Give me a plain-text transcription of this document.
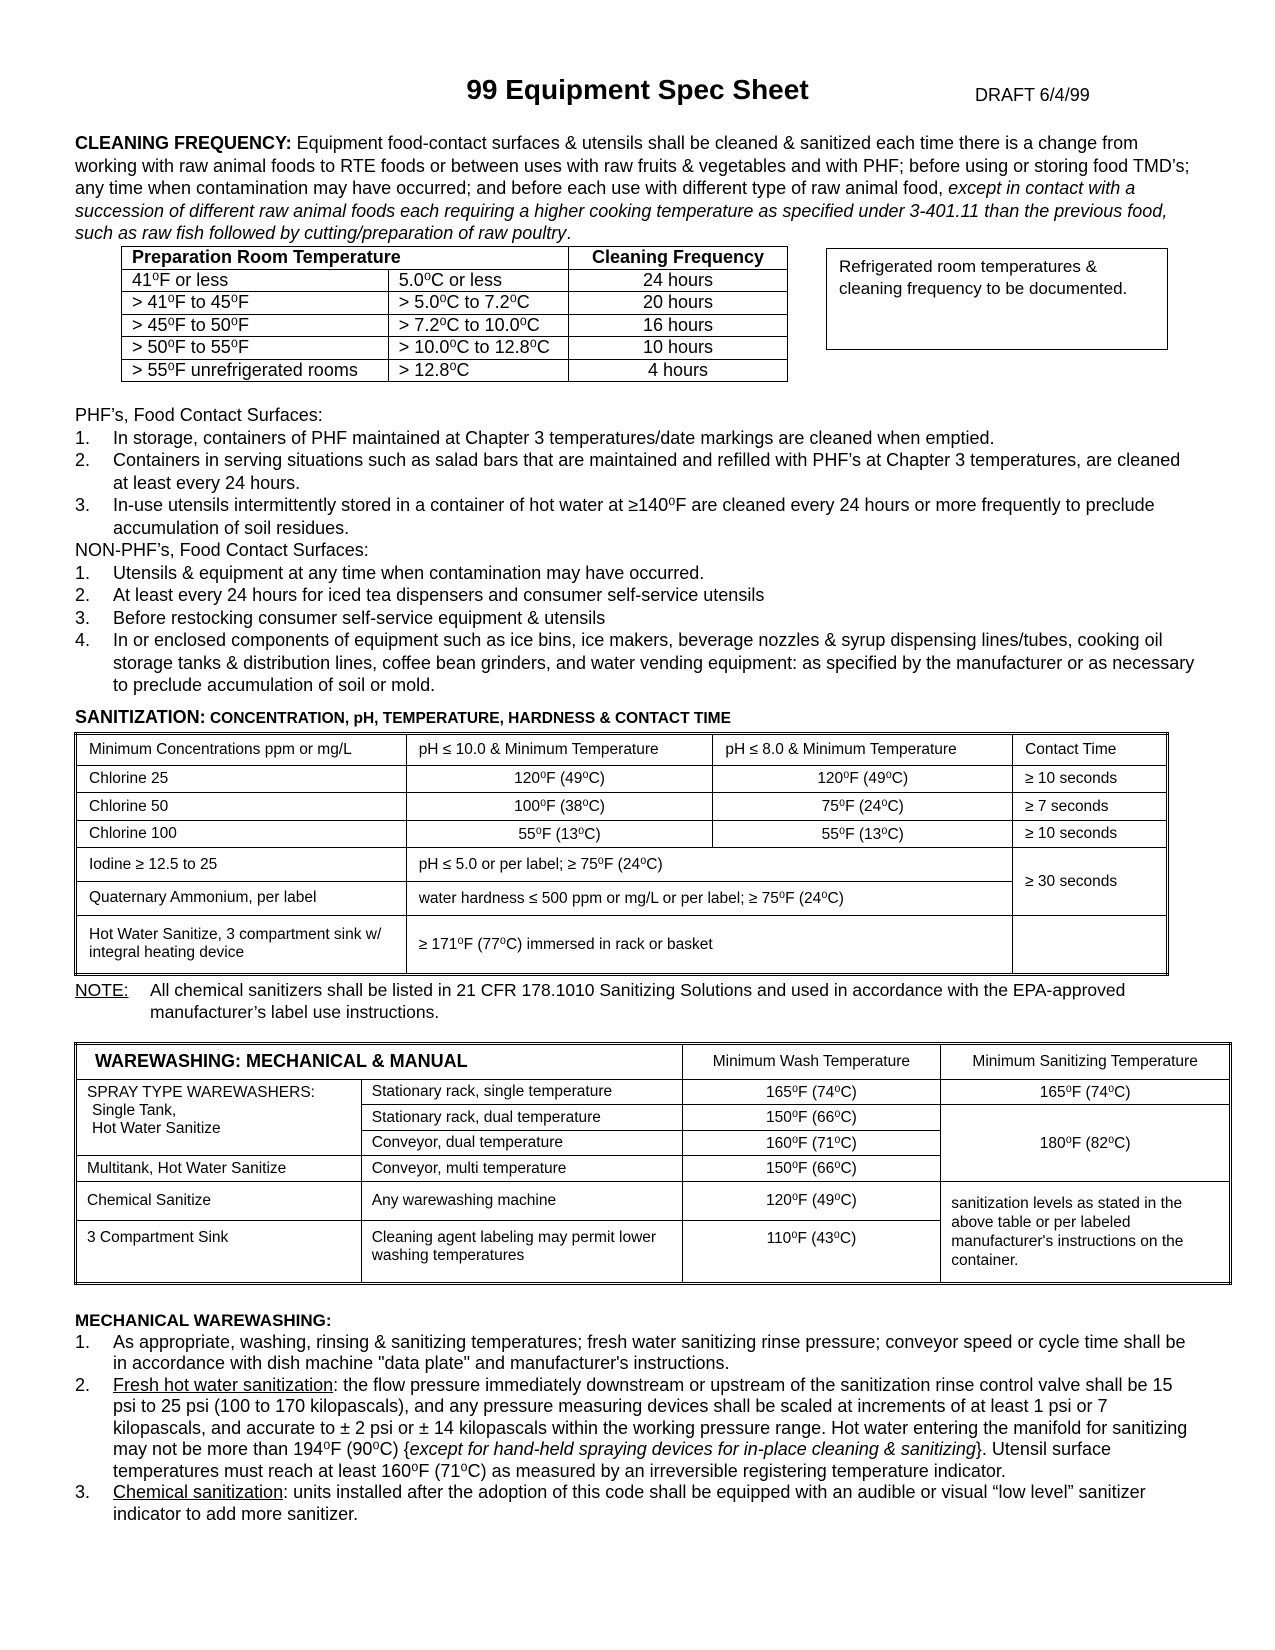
99 Equipment Spec Sheet	DRAFT 6/4/99
CLEANING FREQUENCY: Equipment food-contact surfaces & utensils shall be cleaned & sanitized each time there is a change from working with raw animal foods to RTE foods or between uses with raw fruits & vegetables and with PHF; before using or storing food TMD’s; any time when contamination may have occurred; and before each use with different type of raw animal food, except in contact with a succession of different raw animal foods each requiring a higher cooking temperature as specified under 3-401.11 than the previous food, such as raw fish followed by cutting/preparation of raw poultry.
Preparation Room Temperature		Cleaning Frequency
41⁰F or less	5.0⁰C or less	24 hours
> 41⁰F to 45⁰F	> 5.0⁰C to 7.2⁰C	20 hours
> 45⁰F to 50⁰F	> 7.2⁰C to 10.0⁰C	16 hours
> 50⁰F to 55⁰F	> 10.0⁰C to 12.8⁰C	10 hours
> 55⁰F unrefrigerated rooms	> 12.8⁰C	4 hours
Refrigerated room temperatures & cleaning frequency to be documented.
PHF’s, Food Contact Surfaces:
1. In storage, containers of PHF maintained at Chapter 3 temperatures/date markings are cleaned when emptied.
2. Containers in serving situations such as salad bars that are maintained and refilled with PHF’s at Chapter 3 temperatures, are cleaned at least every 24 hours.
3. In-use utensils intermittently stored in a container of hot water at ≥140⁰F are cleaned every 24 hours or more frequently to preclude accumulation of soil residues.
NON-PHF’s, Food Contact Surfaces:
1. Utensils & equipment at any time when contamination may have occurred.
2. At least every 24 hours for iced tea dispensers and consumer self-service utensils
3. Before restocking consumer self-service equipment & utensils
4. In or enclosed components of equipment such as ice bins, ice makers, beverage nozzles & syrup dispensing lines/tubes, cooking oil storage tanks & distribution lines, coffee bean grinders, and water vending equipment: as specified by the manufacturer or as necessary to preclude accumulation of soil or mold.
SANITIZATION: CONCENTRATION, pH, TEMPERATURE, HARDNESS & CONTACT TIME
Minimum Concentrations ppm or mg/L	pH ≤ 10.0 & Minimum Temperature	pH ≤ 8.0 & Minimum Temperature	Contact Time
Chlorine 25	120⁰F (49⁰C)	120⁰F (49⁰C)	≥ 10 seconds
Chlorine 50	100⁰F (38⁰C)	75⁰F (24⁰C)	≥ 7 seconds
Chlorine 100	55⁰F (13⁰C)	55⁰F (13⁰C)	≥ 10 seconds
Iodine ≥ 12.5 to 25	pH ≤ 5.0 or per label; ≥ 75⁰F (24⁰C)		≥ 30 seconds
Quaternary Ammonium, per label	water hardness ≤ 500 ppm or mg/L or per label; ≥ 75⁰F (24⁰C)		
Hot Water Sanitize, 3 compartment sink w/ integral heating device	≥ 171⁰F (77⁰C) immersed in rack or basket		
NOTE:	All chemical sanitizers shall be listed in 21 CFR 178.1010 Sanitizing Solutions and used in accordance with the EPA-approved manufacturer’s label use instructions.
WAREWASHING: MECHANICAL & MANUAL		Minimum Wash Temperature	Minimum Sanitizing Temperature

SPRAY TYPE WAREWASHERS:
Single Tank,
Hot Water Sanitize	Stationary rack, single temperature	165⁰F (74⁰C)	165⁰F (74⁰C)
	Stationary rack, dual temperature	150⁰F (66⁰C)	180⁰F (82⁰C)
	Conveyor, dual temperature	160⁰F (71⁰C)	
Multitank, Hot Water Sanitize	Conveyor, multi temperature	150⁰F (66⁰C)	
Chemical Sanitize	Any warewashing machine	120⁰F (49⁰C)	sanitization levels as stated in the above table or per labeled manufacturer's instructions on the container.
3 Compartment Sink	Cleaning agent labeling may permit lower washing temperatures	110⁰F (43⁰C)	
MECHANICAL WAREWASHING:
1. As appropriate, washing, rinsing & sanitizing temperatures; fresh water sanitizing rinse pressure; conveyor speed or cycle time shall be in accordance with dish machine "data plate" and manufacturer's instructions.
2. Fresh hot water sanitization: the flow pressure immediately downstream or upstream of the sanitization rinse control valve shall be 15 psi to 25 psi (100 to 170 kilopascals), and any pressure measuring devices shall be scaled at increments of at least 1 psi or 7 kilopascals, and accurate to ± 2 psi or ± 14 kilopascals within the working pressure range. Hot water entering the manifold for sanitizing may not be more than 194⁰F (90⁰C) {except for hand-held spraying devices for in-place cleaning & sanitizing}. Utensil surface temperatures must reach at least 160⁰F (71⁰C) as measured by an irreversible registering temperature indicator.
3. Chemical sanitization: units installed after the adoption of this code shall be equipped with an audible or visual “low level” sanitizer indicator to add more sanitizer.
